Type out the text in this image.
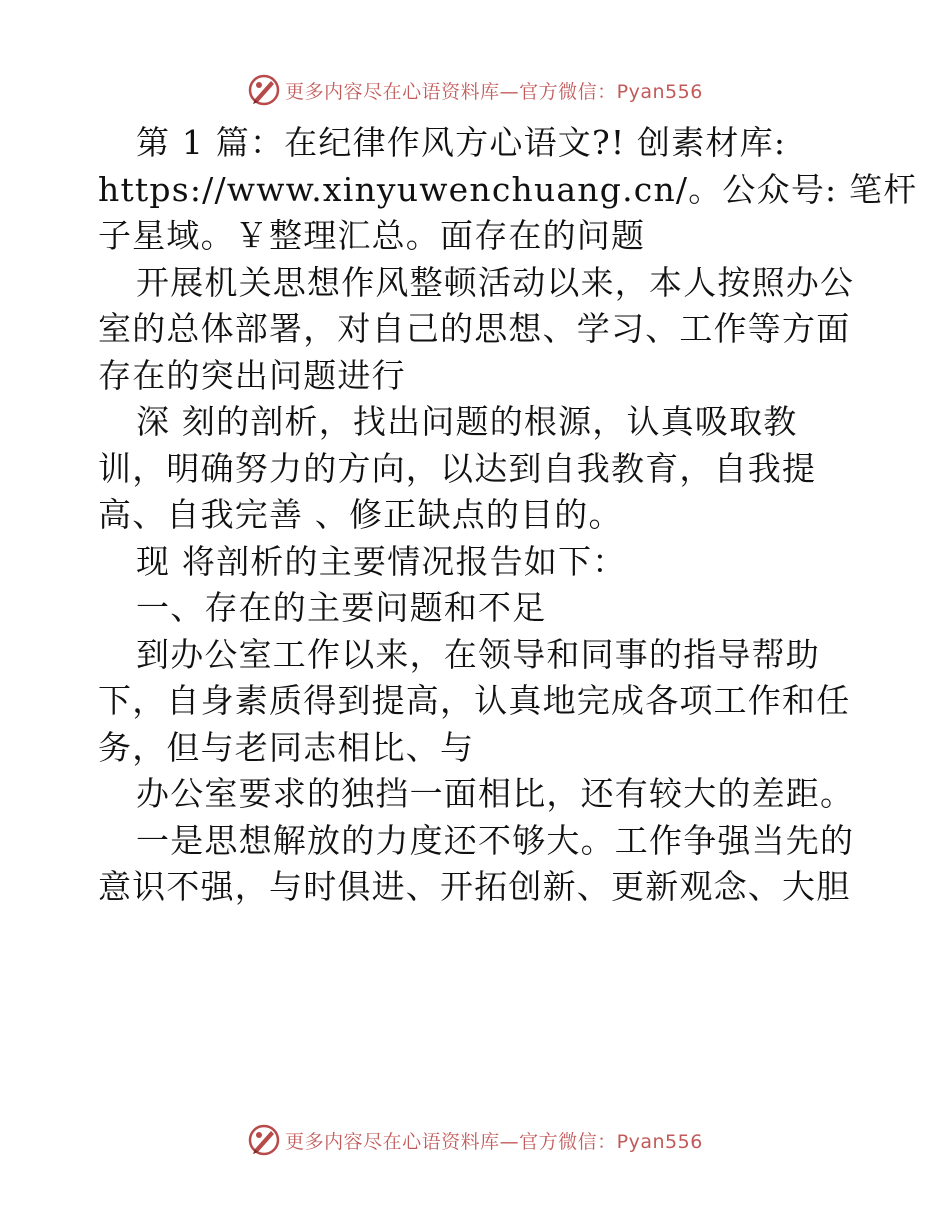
更多内容尽在心语资料库—官方微信：Pyan556

第 1 篇：在纪律作风方心语文?! 创素材库:

https://www.xinyuwenchuang.cn/。公众号: 笔杆

子星域。￥整理汇总。面存在的问题

开展机关思想作风整顿活动以来，本人按照办公

室的总体部署，对自己的思想、学习、工作等方面

存在的突出问题进行

深 刻的剖析，找出问题的根源，认真吸取教

训，明确努力的方向，以达到自我教育，自我提

高、自我完善 、修正缺点的目的。

现 将剖析的主要情况报告如下：

一、存在的主要问题和不足

到办公室工作以来，在领导和同事的指导帮助

下，自身素质得到提高，认真地完成各项工作和任

务，但与老同志相比、与

办公室要求的独挡一面相比，还有较大的差距。

一是思想解放的力度还不够大。工作争强当先的

意识不强，与时俱进、开拓创新、更新观念、大胆

更多内容尽在心语资料库—官方微信：Pyan556
